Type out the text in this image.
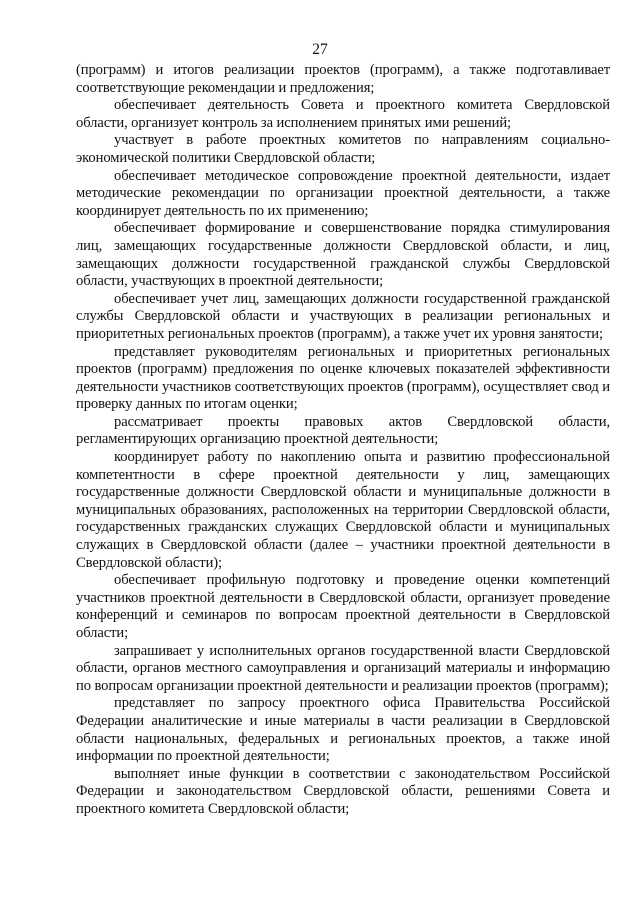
27

(программ) и итогов реализации проектов (программ), а также подготавливает соответствующие рекомендации и предложения;

обеспечивает деятельность Совета и проектного комитета Свердловской области, организует контроль за исполнением принятых ими решений;

участвует в работе проектных комитетов по направлениям социально-экономической политики Свердловской области;

обеспечивает методическое сопровождение проектной деятельности, издает методические рекомендации по организации проектной деятельности, а также координирует деятельность по их применению;

обеспечивает формирование и совершенствование порядка стимулирования лиц, замещающих государственные должности Свердловской области, и лиц, замещающих должности государственной гражданской службы Свердловской области, участвующих в проектной деятельности;

обеспечивает учет лиц, замещающих должности государственной гражданской службы Свердловской области и участвующих в реализации региональных и приоритетных региональных проектов (программ), а также учет их уровня занятости;

представляет руководителям региональных и приоритетных региональных проектов (программ) предложения по оценке ключевых показателей эффективности деятельности участников соответствующих проектов (программ), осуществляет свод и проверку данных по итогам оценки;

рассматривает проекты правовых актов Свердловской области, регламентирующих организацию проектной деятельности;

координирует работу по накоплению опыта и развитию профессиональной компетентности в сфере проектной деятельности у лиц, замещающих государственные должности Свердловской области и муниципальные должности в муниципальных образованиях, расположенных на территории Свердловской области, государственных гражданских служащих Свердловской области и муниципальных служащих в Свердловской области (далее – участники проектной деятельности в Свердловской области);

обеспечивает профильную подготовку и проведение оценки компетенций участников проектной деятельности в Свердловской области, организует проведение конференций и семинаров по вопросам проектной деятельности в Свердловской области;

запрашивает у исполнительных органов государственной власти Свердловской области, органов местного самоуправления и организаций материалы и информацию по вопросам организации проектной деятельности и реализации проектов (программ);

представляет по запросу проектного офиса Правительства Российской Федерации аналитические и иные материалы в части реализации в Свердловской области национальных, федеральных и региональных проектов, а также иной информации по проектной деятельности;

выполняет иные функции в соответствии с законодательством Российской Федерации и законодательством Свердловской области, решениями Совета и проектного комитета Свердловской области;
